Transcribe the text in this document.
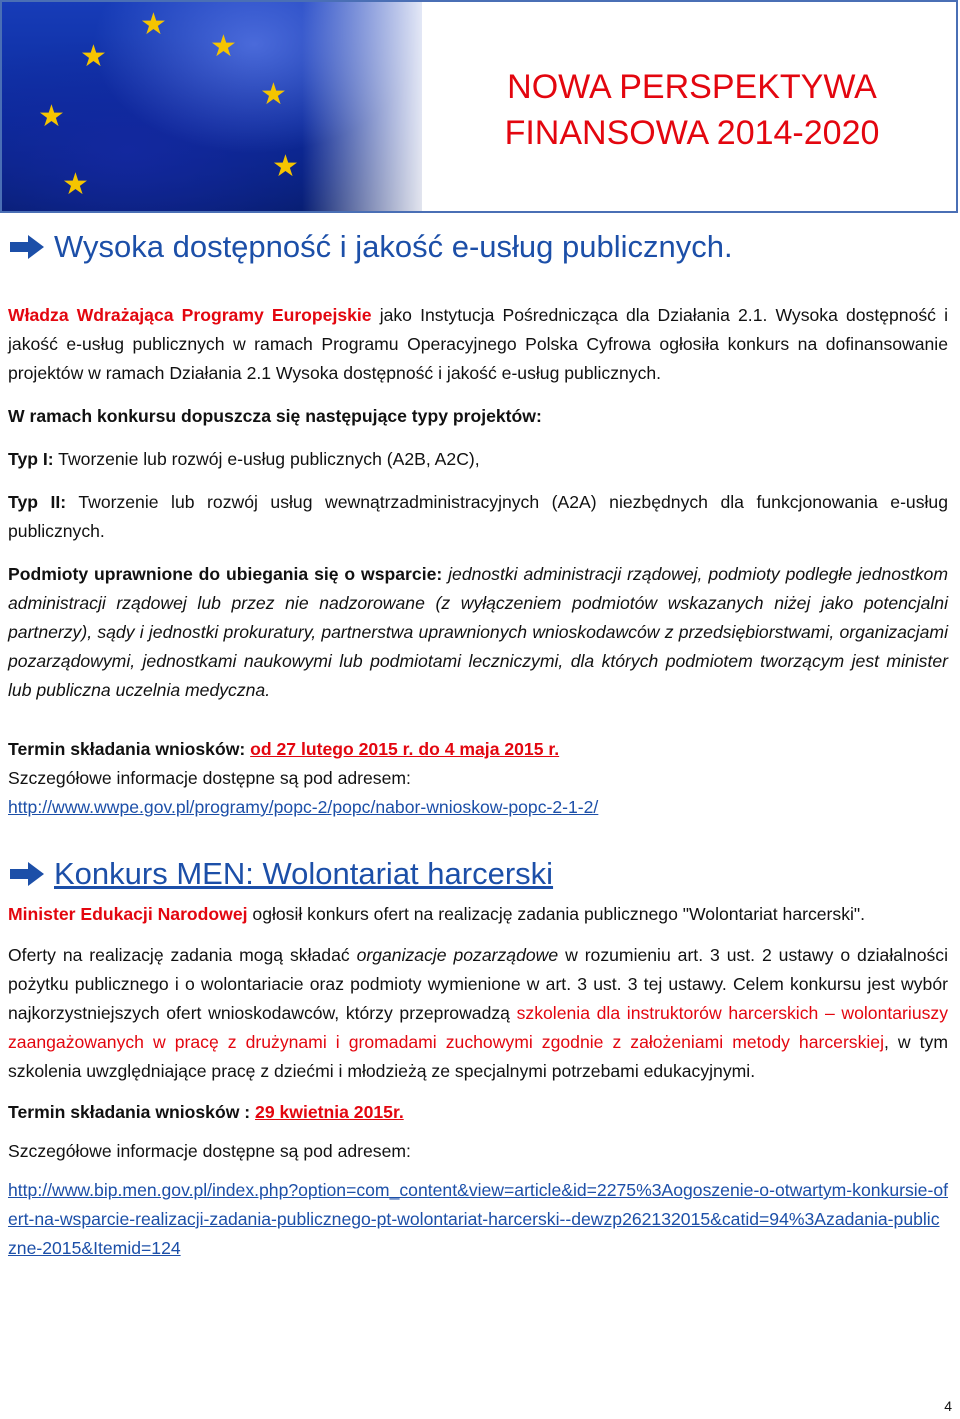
★
★
★
★
★
★
★
NOWA PERSPEKTYWA
FINANSOWA 2014-2020
Wysoka dostępność i jakość e-usług publicznych.

Władza Wdrażająca Programy Europejskie jako Instytucja Pośrednicząca dla Działania 2.1. Wysoka dostępność i jakość e-usług publicznych w ramach Programu Operacyjnego Polska Cyfrowa ogłosiła konkurs na dofinansowanie projektów w ramach Działania 2.1 Wysoka dostępność i jakość e-usług publicznych.

W ramach konkursu dopuszcza się następujące typy projektów:

Typ I: Tworzenie lub rozwój e-usług publicznych (A2B, A2C),

Typ II: Tworzenie lub rozwój usług wewnątrzadministracyjnych (A2A) niezbędnych dla funkcjonowania e-usług publicznych.

Podmioty uprawnione do ubiegania się o wsparcie: jednostki administracji rządowej, podmioty podległe jednostkom administracji rządowej lub przez nie nadzorowane (z wyłączeniem podmiotów wskazanych niżej jako potencjalni partnerzy), sądy i jednostki prokuratury, partnerstwa uprawnionych wnioskodawców z przedsiębiorstwami, organizacjami pozarządowymi, jednostkami naukowymi lub podmiotami leczniczymi, dla których podmiotem tworzącym jest minister lub publiczna uczelnia medyczna.

Termin składania wniosków: od 27 lutego 2015 r. do 4 maja 2015 r.

Szczegółowe informacje dostępne są pod adresem:

http://www.wwpe.gov.pl/programy/popc-2/popc/nabor-wnioskow-popc-2-1-2/

Konkurs MEN: Wolontariat harcerski

Minister Edukacji Narodowej ogłosił konkurs ofert na realizację zadania publicznego "Wolontariat harcerski".

Oferty na realizację zadania mogą składać organizacje pozarządowe w rozumieniu art. 3 ust. 2 ustawy o działalności pożytku publicznego i o wolontariacie oraz podmioty wymienione w art. 3 ust. 3 tej ustawy. Celem konkursu jest wybór najkorzystniejszych ofert wnioskodawców, którzy przeprowadzą szkolenia dla instruktorów harcerskich – wolontariuszy zaangażowanych w pracę z drużynami i gromadami zuchowymi zgodnie z założeniami metody harcerskiej, w tym szkolenia uwzględniające pracę z dziećmi i młodzieżą ze specjalnymi potrzebami edukacyjnymi.

Termin składania wniosków : 29 kwietnia 2015r.

Szczegółowe informacje dostępne są pod adresem:

http://www.bip.men.gov.pl/index.php?option=com_content&view=article&id=2275%3Aogoszenie-o-otwartym-konkursie-ofert-na-wsparcie-realizacji-zadania-publicznego-pt-wolontariat-harcerski--dewzp262132015&catid=94%3Azadania-publiczne-2015&Itemid=124

4
